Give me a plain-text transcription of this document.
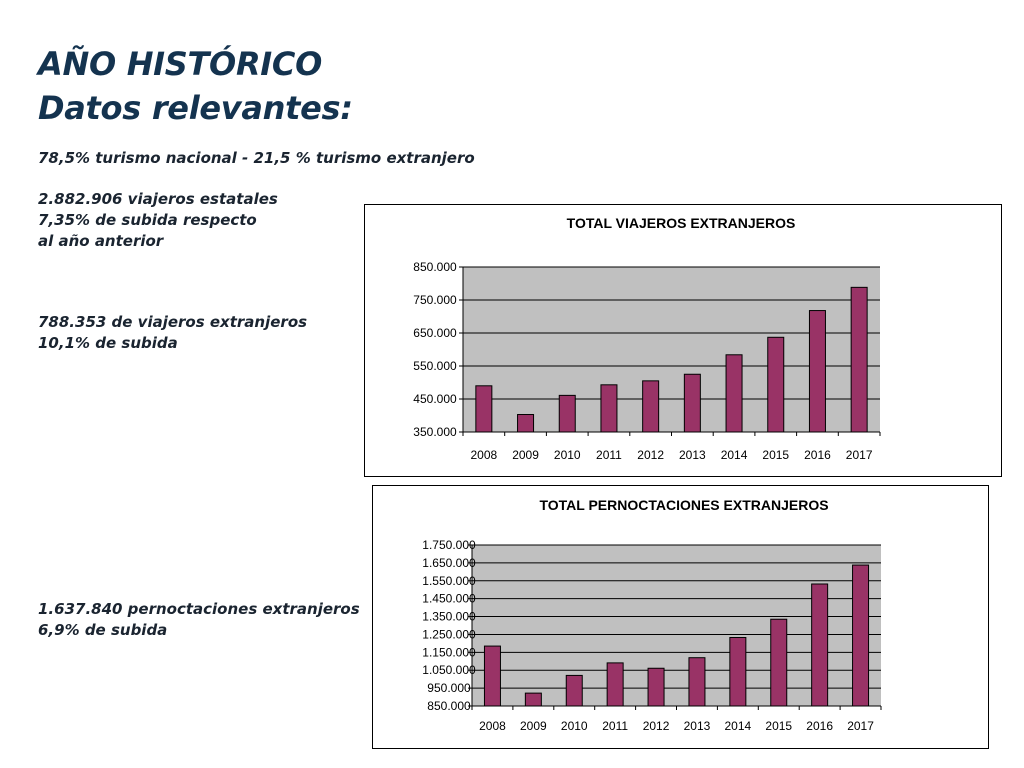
AÑO HISTÓRICO
Datos relevantes:

78,5% turismo nacional - 21,5 % turismo extranjero

2.882.906 viajeros estatales
7,35% de subida respecto
al año anterior

788.353 de viajeros extranjeros
10,1% de subida

1.637.840 pernoctaciones extranjeros
6,9% de subida

TOTAL VIAJEROS EXTRANJEROS
350.000
450.000
550.000
650.000
750.000
850.000
2008 2009 2010 2011 2012 2013 2014 2015 2016 2017
TOTAL PERNOCTACIONES EXTRANJEROS
850.000
950.000
1.050.000
1.150.000
1.250.000
1.350.000
1.450.000
1.550.000
1.650.000
1.750.000
2008 2009 2010 2011 2012 2013 2014 2015 2016 2017
